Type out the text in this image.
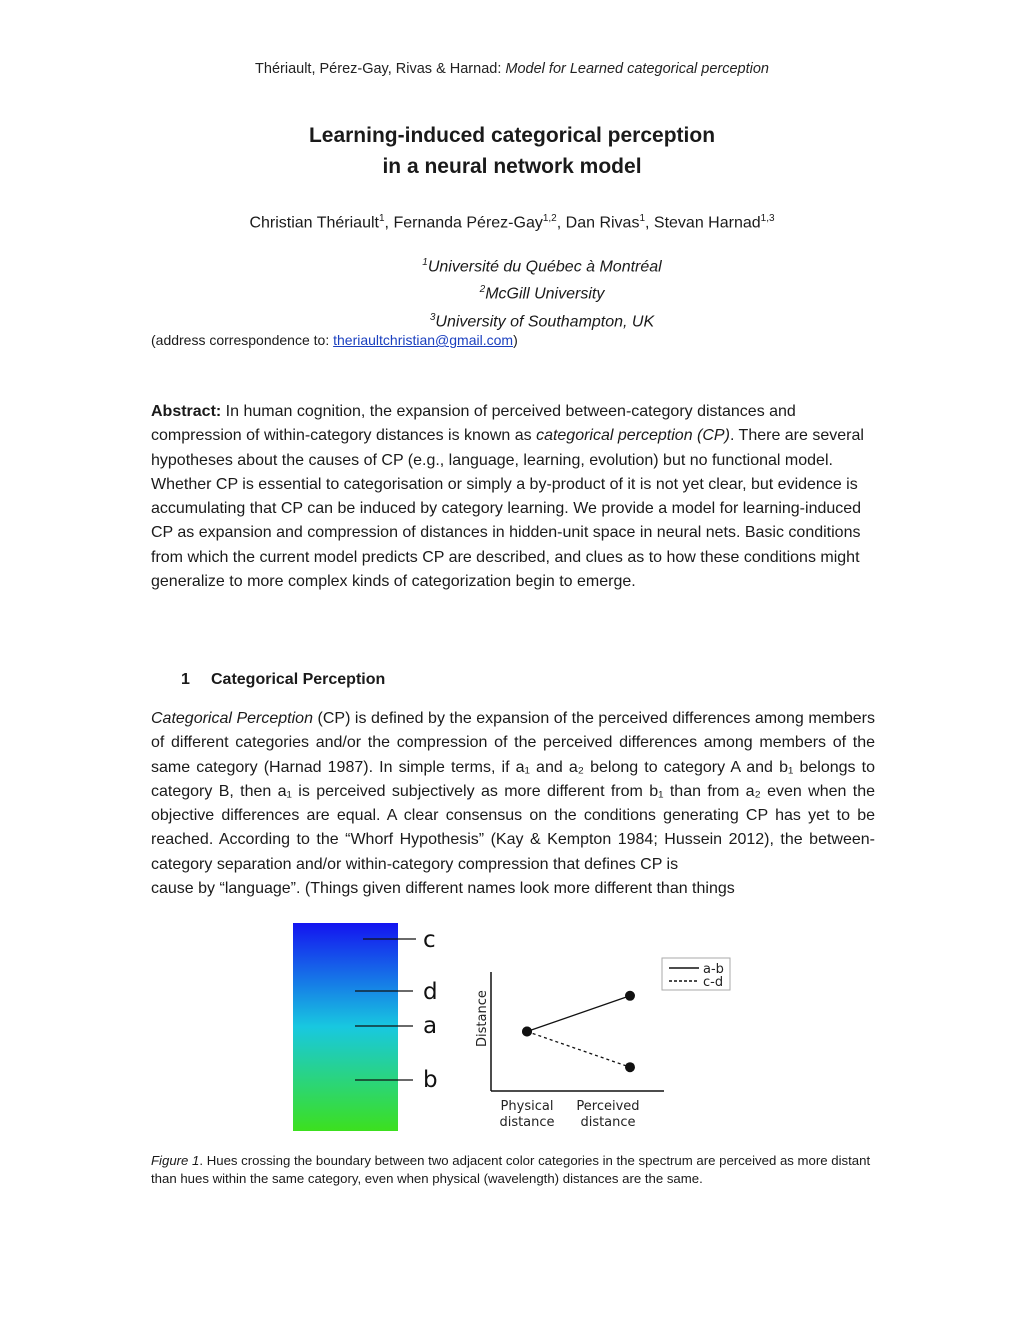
Thériault, Pérez-Gay, Rivas & Harnad: Model for Learned categorical perception
Learning-induced categorical perception
in a neural network model
Christian Thériault$^1$, Fernanda Pérez-Gay$^{1,2}$, Dan Rivas$^1$, Stevan Harnad$^{1,3}$
$^1$Université du Québec à Montréal
$^2$McGill University
$^3$University of Southampton, UK
(address correspondence to: theriaultchristian@gmail.com)
Abstract: In human cognition, the expansion of perceived between-category distances and compression of within-category distances is known as categorical perception (CP). There are several hypotheses about the causes of CP (e.g., language, learning, evolution) but no functional model. Whether CP is essential to categorisation or simply a by-product of it is not yet clear, but evidence is accumulating that CP can be induced by category learning. We provide a model for learning-induced CP as expansion and compression of distances in hidden-unit space in neural nets. Basic conditions from which the current model predicts CP are described, and clues as to how these conditions might generalize to more complex kinds of categorization begin to emerge.
1 Categorical Perception
Categorical Perception (CP) is defined by the expansion of the perceived differences among members of different categories and/or the compression of the perceived differences among members of the same category (Harnad 1987). In simple terms, if a₁ and a₂ belong to category A and b₁ belongs to category B, then a₁ is perceived subjectively as more different from b₁ than from a₂ even when the objective differences are equal. A clear consensus on the conditions generating CP has yet to be reached. According to the “Whorf Hypothesis” (Kay & Kempton 1984; Hussein 2012), the between-category separation and/or within-category compression that defines CP is
cause by “language”. (Things given different names look more different than things
c
d
a
b
Distance
Physical
distance
Perceived
distance
a-b
c-d
Figure 1. Hues crossing the boundary between two adjacent color categories in the spectrum are perceived as more distant than hues within the same category, even when physical (wavelength) distances are the same.
